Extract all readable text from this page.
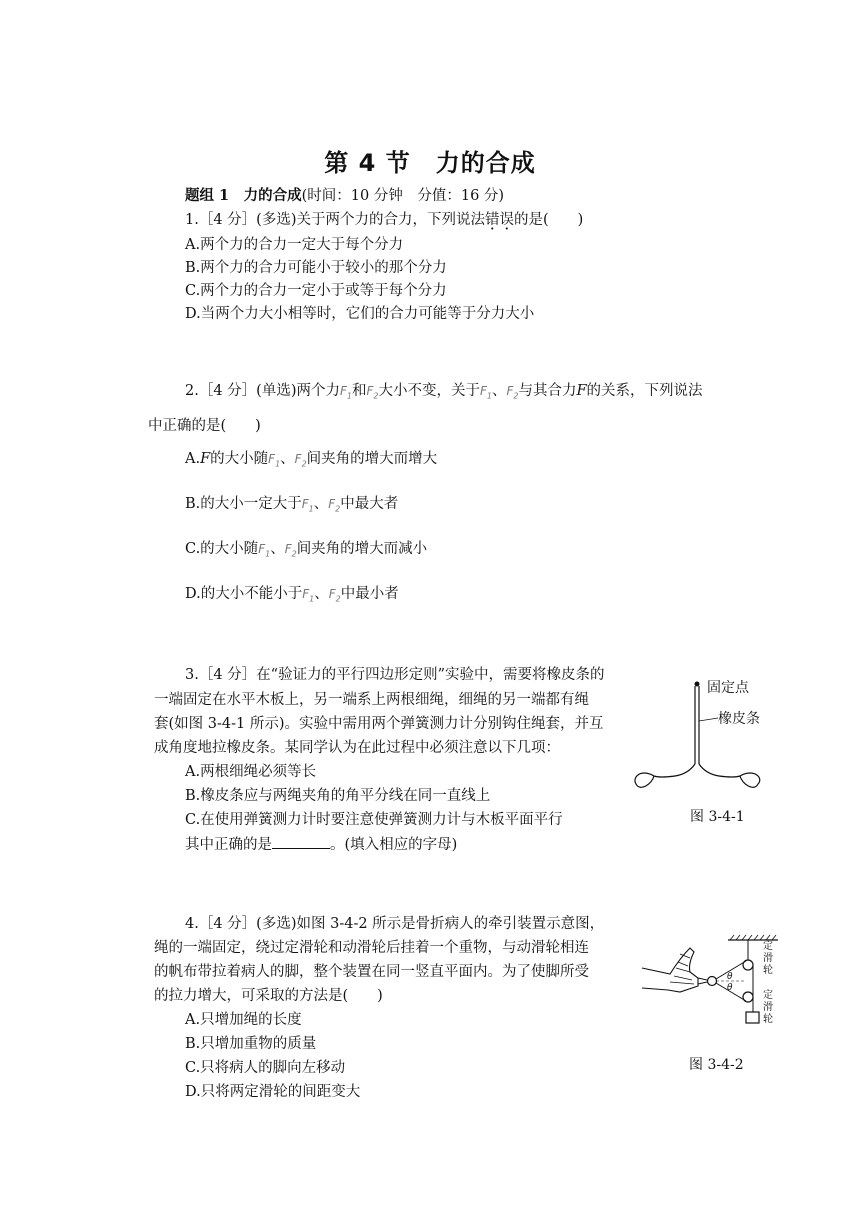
第 4 节　力的合成
题组 1　力的合成(时间：10 分钟　分值：16 分)
1.［4 分］(多选)关于两个力的合力，下列说法错误的是(　　)
A.两个力的合力一定大于每个分力
B.两个力的合力可能小于较小的那个分力
C.两个力的合力一定小于或等于每个分力
D.当两个力大小相等时，它们的合力可能等于分力大小
2.［4 分］(单选)两个力$F_1$和$F_2$大小不变，关于$F_1$、$F_2$与其合力F的关系，下列说法
中正确的是(　　)
A.F的大小随$F_1$、$F_2$间夹角的增大而增大
B.的大小一定大于$F_1$、$F_2$中最大者
C.的大小随$F_1$、$F_2$间夹角的增大而减小
D.的大小不能小于$F_1$、$F_2$中最小者
3.［4 分］在“验证力的平行四边形定则”实验中，需要将橡皮条的
一端固定在水平木板上，另一端系上两根细绳，细绳的另一端都有绳
套(如图 3-4-1 所示)。实验中需用两个弹簧测力计分别钩住绳套，并互
成角度地拉橡皮条。某同学认为在此过程中必须注意以下几项：
A.两根细绳必须等长
B.橡皮条应与两绳夹角的角平分线在同一直线上
C.在使用弹簧测力计时要注意使弹簧测力计与木板平面平行
其中正确的是	。(填入相应的字母)
固定点
橡皮条
图 3-4-1
4.［4 分］(多选)如图 3-4-2 所示是骨折病人的牵引装置示意图，
绳的一端固定，绕过定滑轮和动滑轮后挂着一个重物，与动滑轮相连
的帆布带拉着病人的脚，整个装置在同一竖直平面内。为了使脚所受
的拉力增大，可采取的方法是(　　)
A.只增加绳的长度
B.只增加重物的质量
C.只将病人的脚向左移动
D.只将两定滑轮的间距变大
θ
θ
定
滑
轮
定
滑
轮
图 3-4-2
